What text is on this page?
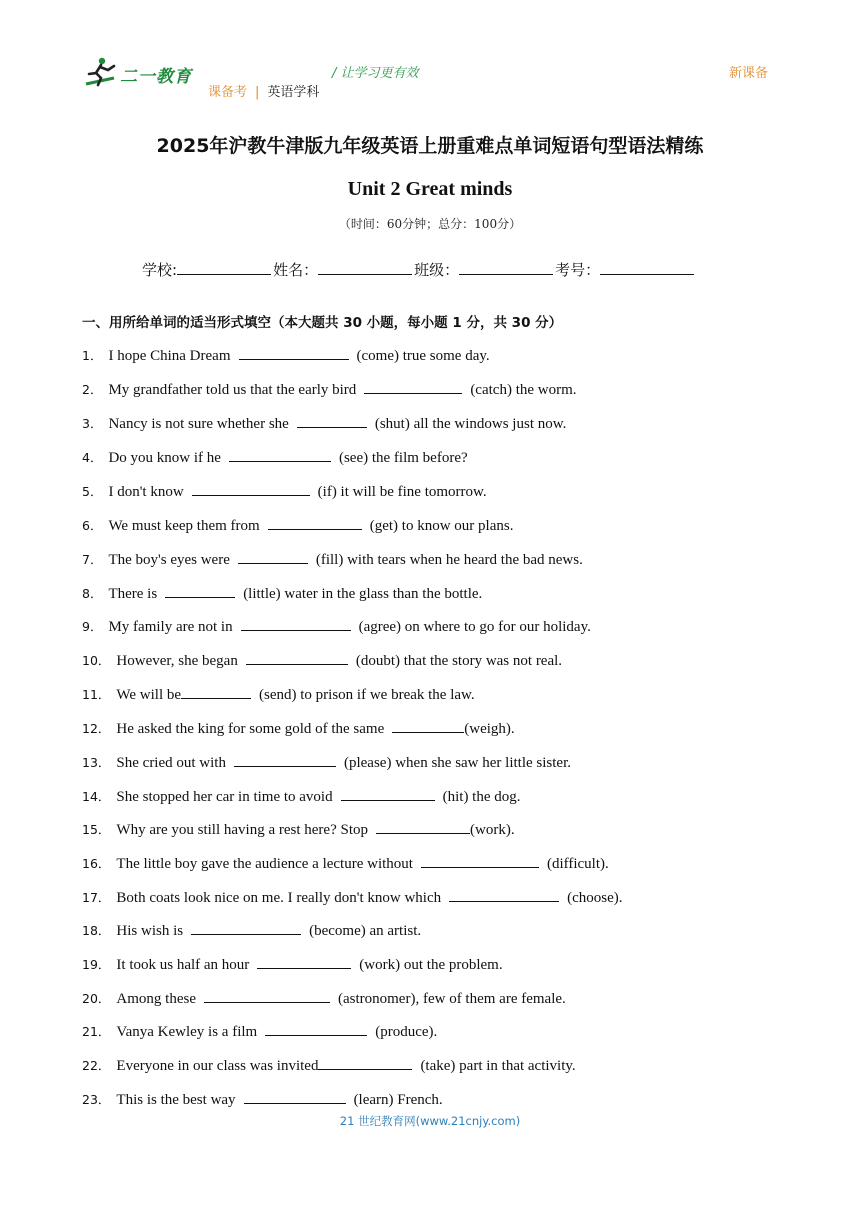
二一教育	/ 让学习更有效	新课备
课备考 | 英语学科
2025年沪教牛津版九年级英语上册重难点单词短语句型语法精练
Unit 2 Great minds
（时间：60分钟；总分：100分）
学校:	姓名：	班级：	考号：
一、用所给单词的适当形式填空（本大题共 30 小题，每小题 1 分，共 30 分）
1． I hope China Dream	(come) true some day.
2． My grandfather told us that the early bird	(catch) the worm.
3． Nancy is not sure whether she	(shut) all the windows just now.
4． Do you know if he	(see) the film before?
5． I don't know	(if) it will be fine tomorrow.
6． We must keep them from	(get) to know our plans.
7． The boy's eyes were	(fill) with tears when he heard the bad news.
8． There is	(little) water in the glass than the bottle.
9． My family are not in	(agree) on where to go for our holiday.
10． However, she began	(doubt) that the story was not real.
11． We will be	(send) to prison if we break the law.
12． He asked the king for some gold of the same	(weigh).
13． She cried out with	(please) when she saw her little sister.
14． She stopped her car in time to avoid	(hit) the dog.
15． Why are you still having a rest here? Stop	(work).
16． The little boy gave the audience a lecture without	(difficult).
17． Both coats look nice on me. I really don't know which	(choose).
18． His wish is	(become) an artist.
19． It took us half an hour	(work) out the problem.
20． Among these	(astronomer), few of them are female.
21． Vanya Kewley is a film	(produce).
22． Everyone in our class was invited	(take) part in that activity.
23． This is the best way	(learn) French.
21 世纪教育网(www.21cnjy.com)
